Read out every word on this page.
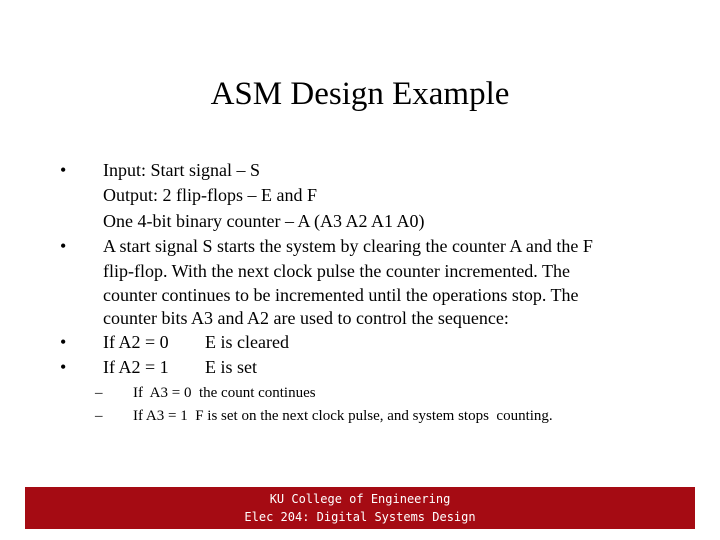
ASM Design Example
•
•
•
•
Input: Start signal – S
Output: 2 flip-flops – E and F
One 4-bit binary counter – A (A3 A2 A1 A0)
A start signal S starts the system by clearing the counter A and the F
flip-flop. With the next clock pulse the counter incremented. The
counter continues to be incremented until the operations stop. The
counter bits A3 and A2 are used to control the sequence:
If A2 = 0 E is cleared
If A2 = 1 E is set
– If  A3 = 0  the count continues
– If A3 = 1  F is set on the next clock pulse, and system stops  counting.
KU College of Engineering
Elec 204: Digital Systems Design
